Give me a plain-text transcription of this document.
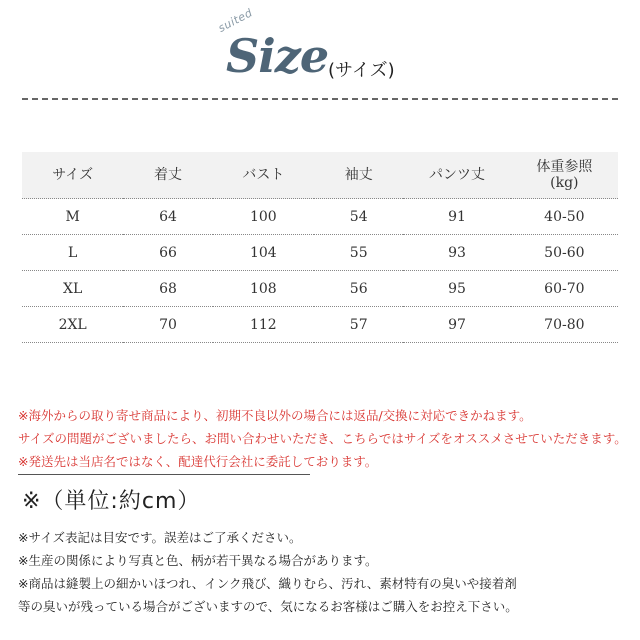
suited
Size (サイズ)
サイズ	着丈	バスト	袖丈	パンツ丈	体重参照
(kg)
M	64	100	54	91	40-50
L	66	104	55	93	50-60
XL	68	108	56	95	60-70
2XL	70	112	57	97	70-80
※海外からの取り寄せ商品により、初期不良以外の場合には返品/交換に対応できかねます。
サイズの問題がございましたら、お問い合わせいただき、こちらではサイズをオススメさせていただきます。
※発送先は当店名ではなく、配達代行会社に委託しております。
※（単位:約cm）
※サイズ表記は目安です。誤差はご了承ください。
※生産の関係により写真と色、柄が若干異なる場合があります。
※商品は縫製上の細かいほつれ、インク飛び、織りむら、汚れ、素材特有の臭いや接着剤
等の臭いが残っている場合がございますので、気になるお客様はご購入をお控え下さい。
